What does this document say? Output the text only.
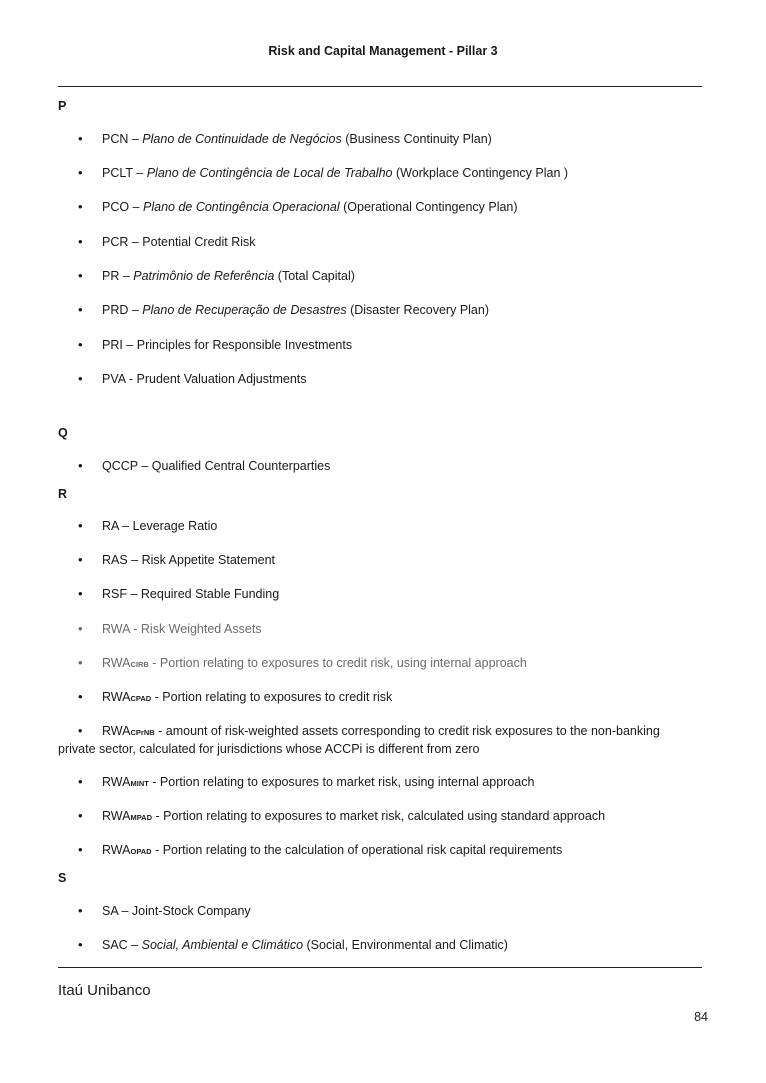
Risk and Capital Management - Pillar 3
P
• PCN – Plano de Continuidade de Negócios (Business Continuity Plan)
• PCLT – Plano de Contingência de Local de Trabalho (Workplace Contingency Plan )
• PCO – Plano de Contingência Operacional (Operational Contingency Plan)
• PCR – Potential Credit Risk
• PR – Patrimônio de Referência (Total Capital)
• PRD – Plano de Recuperação de Desastres (Disaster Recovery Plan)
• PRI – Principles for Responsible Investments
• PVA - Prudent Valuation Adjustments
Q
• QCCP – Qualified Central Counterparties
R
• RA – Leverage Ratio
• RAS – Risk Appetite Statement
• RSF – Required Stable Funding
• RWA - Risk Weighted Assets
• RWACIRB - Portion relating to exposures to credit risk, using internal approach
• RWACPAD - Portion relating to exposures to credit risk
• RWACPrNB - amount of risk-weighted assets corresponding to credit risk exposures to the non-banking private sector, calculated for jurisdictions whose ACCPi is different from zero
• RWAMINT - Portion relating to exposures to market risk, using internal approach
• RWAMPAD - Portion relating to exposures to market risk, calculated using standard approach
• RWAOPAD - Portion relating to the calculation of operational risk capital requirements
S
• SA – Joint-Stock Company
• SAC – Social, Ambiental e Climático (Social, Environmental and Climatic)
Itaú Unibanco
84
